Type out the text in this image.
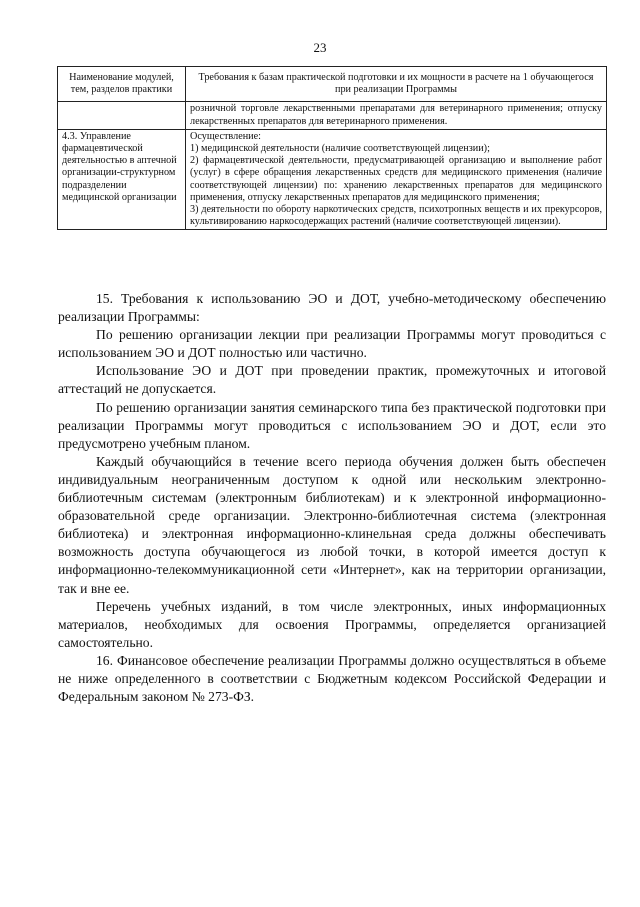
23
Наименование модулей, тем, разделов практики	Требования к базам практической подготовки и их мощности в расчете на 1 обучающегося при реализации Программы
	розничной торговле лекарственными препаратами для ветеринарного применения; отпуску лекарственных препаратов для ветеринарного применения.
4.3. Управление фармацевтической деятельностью в аптечной организации-структурном подразделении медицинской организации	Осуществление:
1) медицинской деятельности (наличие соответствующей лицензии);
2) фармацевтической деятельности, предусматривающей организацию и выполнение работ (услуг) в сфере обращения лекарственных средств для медицинского применения (наличие соответствующей лицензии) по: хранению лекарственных препаратов для медицинского применения, отпуску лекарственных препаратов для медицинского применения;
3) деятельности по обороту наркотических средств, психотропных веществ и их прекурсоров, культивированию наркосодержащих растений (наличие соответствующей лицензии).

15. Требования к использованию ЭО и ДОТ, учебно-методическому обеспечению реализации Программы:

По решению организации лекции при реализации Программы могут проводиться с использованием ЭО и ДОТ полностью или частично.

Использование ЭО и ДОТ при проведении практик, промежуточных и итоговой аттестаций не допускается.

По решению организации занятия семинарского типа без практической подготовки при реализации Программы могут проводиться с использованием ЭО и ДОТ, если это предусмотрено учебным планом.

Каждый обучающийся в течение всего периода обучения должен быть обеспечен индивидуальным неограниченным доступом к одной или нескольким электронно-библиотечным системам (электронным библиотекам) и к электронной информационно-образовательной среде организации. Электронно-библиотечная система (электронная библиотека) и электронная информационно-клинельная среда должны обеспечивать возможность доступа обучающегося из любой точки, в которой имеется доступ к информационно-телекоммуникационной сети «Интернет», как на территории организации, так и вне ее.

Перечень учебных изданий, в том числе электронных, иных информационных материалов, необходимых для освоения Программы, определяется организацией самостоятельно.

16. Финансовое обеспечение реализации Программы должно осуществляться в объеме не ниже определенного в соответствии с Бюджетным кодексом Российской Федерации и Федеральным законом № 273-ФЗ.
